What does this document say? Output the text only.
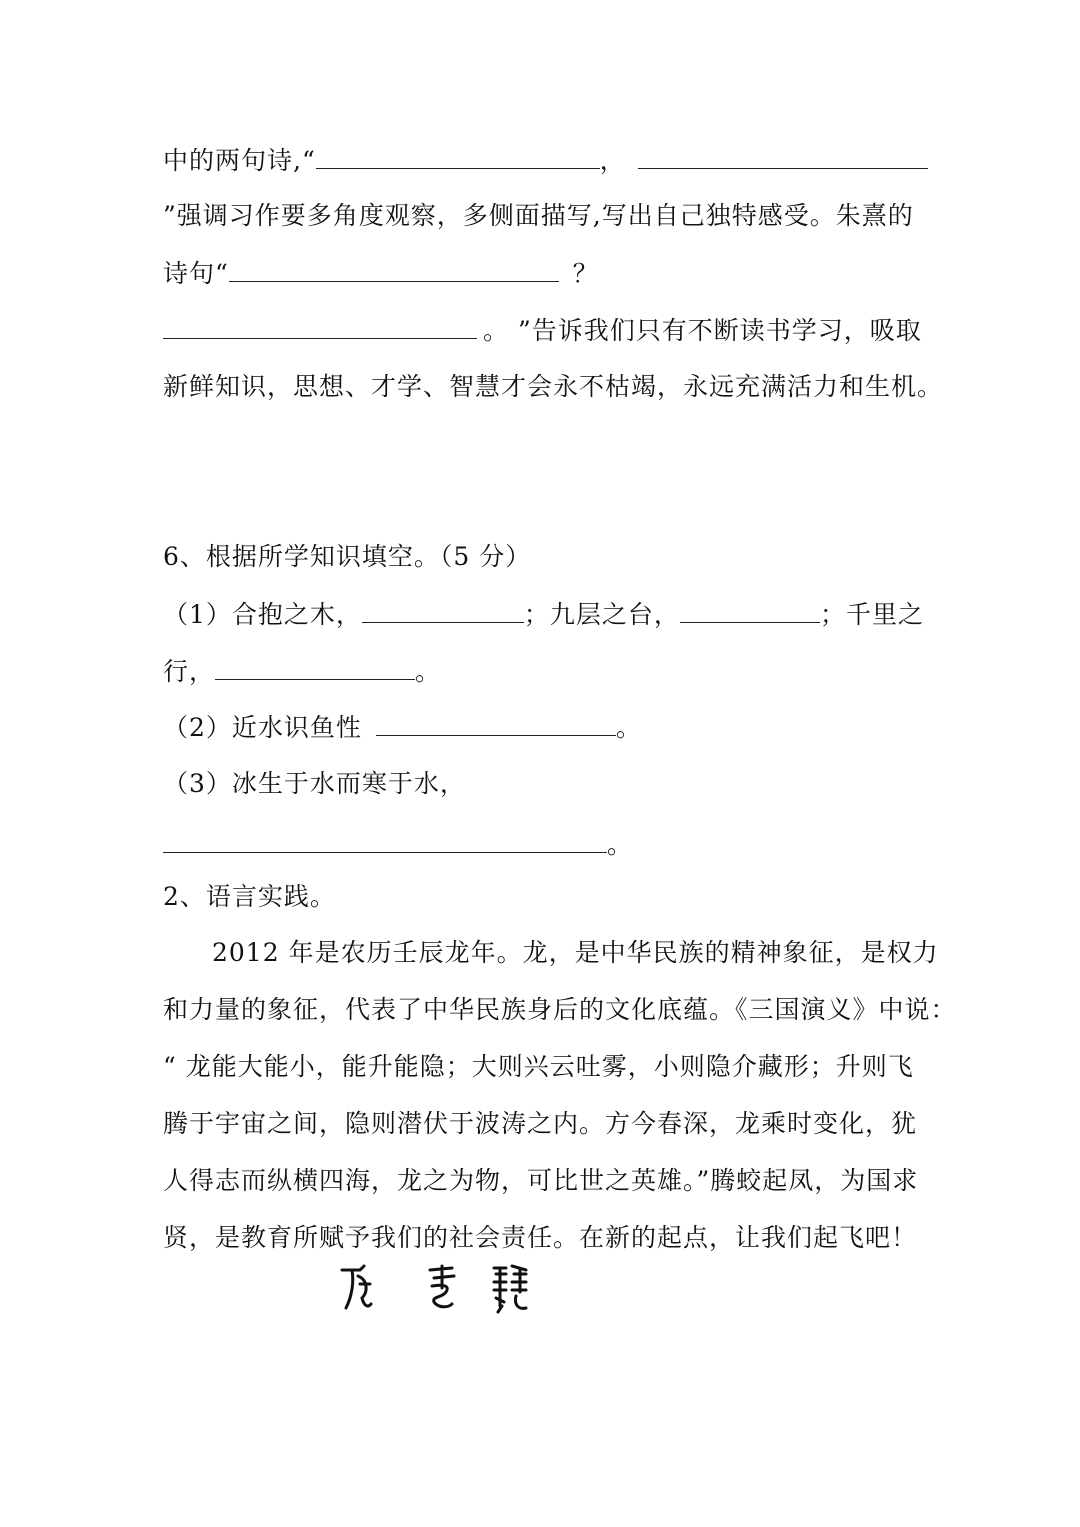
中的两句诗,“	，
”强调习作要多角度观察，多侧面描写,写出自己独特感受。朱熹的
诗句“	？
。 ”告诉我们只有不断读书学习，吸取
新鲜知识，思想、才学、智慧才会永不枯竭，永远充满活力和生机。
6、根据所学知识填空。（5 分）
（1）合抱之木，	；九层之台，	；千里之
行，	。
（2）近水识鱼性	。
（3）冰生于水而寒于水，
。
2、语言实践。
2012 年是农历壬辰龙年。龙，是中华民族的精神象征，是权力
和力量的象征，代表了中华民族身后的文化底蕴。《三国演义》中说：
“ 龙能大能小，能升能隐；大则兴云吐雾，小则隐介藏形；升则飞
腾于宇宙之间，隐则潜伏于波涛之内。方今春深，龙乘时变化，犹
人得志而纵横四海，龙之为物，可比世之英雄。”腾蛟起凤，为国求
贤，是教育所赋予我们的社会责任。在新的起点，让我们起飞吧！
